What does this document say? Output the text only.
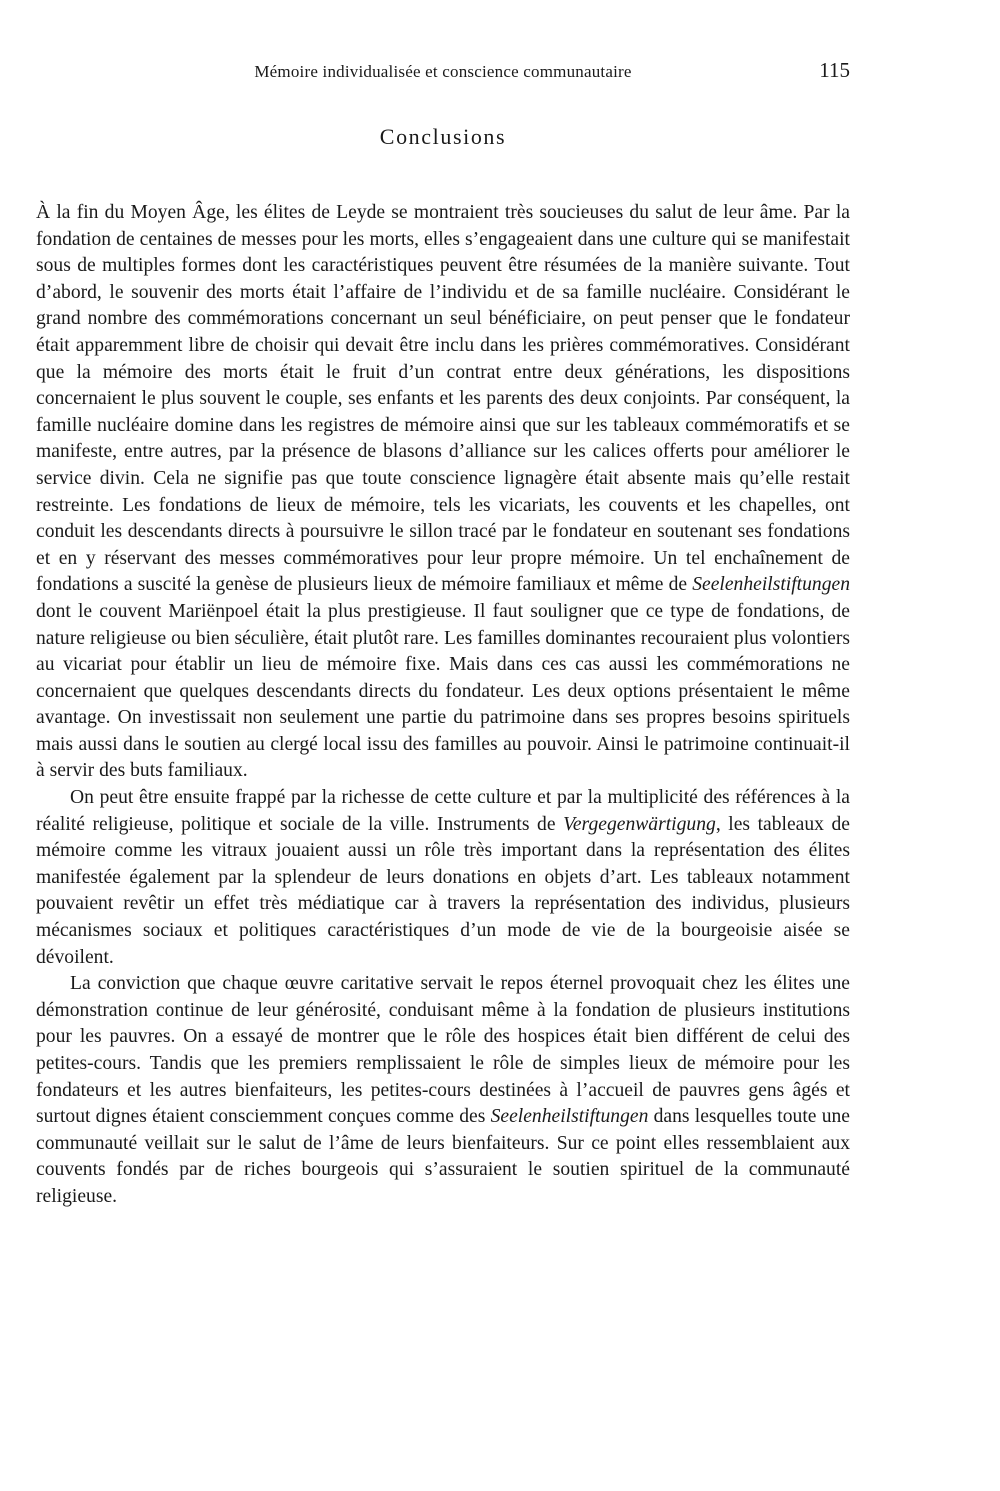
Mémoire individualisée et conscience communautaire	115
Conclusions

À la fin du Moyen Âge, les élites de Leyde se montraient très soucieuses du salut de leur âme. Par la fondation de centaines de messes pour les morts, elles s’engageaient dans une culture qui se manifestait sous de multiples formes dont les caractéristiques peuvent être résumées de la manière suivante. Tout d’abord, le souvenir des morts était l’affaire de l’individu et de sa famille nucléaire. Considérant le grand nombre des commémorations concernant un seul bénéficiaire, on peut penser que le fondateur était apparemment libre de choisir qui devait être inclu dans les prières commémoratives. Considérant que la mémoire des morts était le fruit d’un contrat entre deux générations, les dispositions concernaient le plus souvent le couple, ses enfants et les parents des deux conjoints. Par conséquent, la famille nucléaire domine dans les registres de mémoire ainsi que sur les tableaux commémoratifs et se manifeste, entre autres, par la présence de blasons d’alliance sur les calices offerts pour améliorer le service divin. Cela ne signifie pas que toute conscience lignagère était absente mais qu’elle restait restreinte. Les fondations de lieux de mémoire, tels les vicariats, les couvents et les chapelles, ont conduit les descendants directs à poursuivre le sillon tracé par le fondateur en soutenant ses fondations et en y réservant des messes commémoratives pour leur propre mémoire. Un tel enchaînement de fondations a suscité la genèse de plusieurs lieux de mémoire familiaux et même de Seelenheilstiftungen dont le couvent Mariënpoel était la plus prestigieuse. Il faut souligner que ce type de fondations, de nature religieuse ou bien séculière, était plutôt rare. Les familles dominantes recouraient plus volontiers au vicariat pour établir un lieu de mémoire fixe. Mais dans ces cas aussi les commémorations ne concernaient que quelques descendants directs du fondateur. Les deux options présentaient le même avantage. On investissait non seulement une partie du patrimoine dans ses propres besoins spirituels mais aussi dans le soutien au clergé local issu des familles au pouvoir. Ainsi le patrimoine continuait-il à servir des buts familiaux.

On peut être ensuite frappé par la richesse de cette culture et par la multiplicité des références à la réalité religieuse, politique et sociale de la ville. Instruments de Vergegenwärtigung, les tableaux de mémoire comme les vitraux jouaient aussi un rôle très important dans la représentation des élites manifestée également par la splendeur de leurs donations en objets d’art. Les tableaux notamment pouvaient revêtir un effet très médiatique car à travers la représentation des individus, plusieurs mécanismes sociaux et politiques caractéristiques d’un mode de vie de la bourgeoisie aisée se dévoilent.

La conviction que chaque œuvre caritative servait le repos éternel provoquait chez les élites une démonstration continue de leur générosité, conduisant même à la fondation de plusieurs institutions pour les pauvres. On a essayé de montrer que le rôle des hospices était bien différent de celui des petites-cours. Tandis que les premiers remplissaient le rôle de simples lieux de mémoire pour les fondateurs et les autres bienfaiteurs, les petites-cours destinées à l’accueil de pauvres gens âgés et surtout dignes étaient consciemment conçues comme des Seelenheilstiftungen dans lesquelles toute une communauté veillait sur le salut de l’âme de leurs bienfaiteurs. Sur ce point elles ressemblaient aux couvents fondés par de riches bourgeois qui s’assuraient le soutien spirituel de la communauté religieuse.
